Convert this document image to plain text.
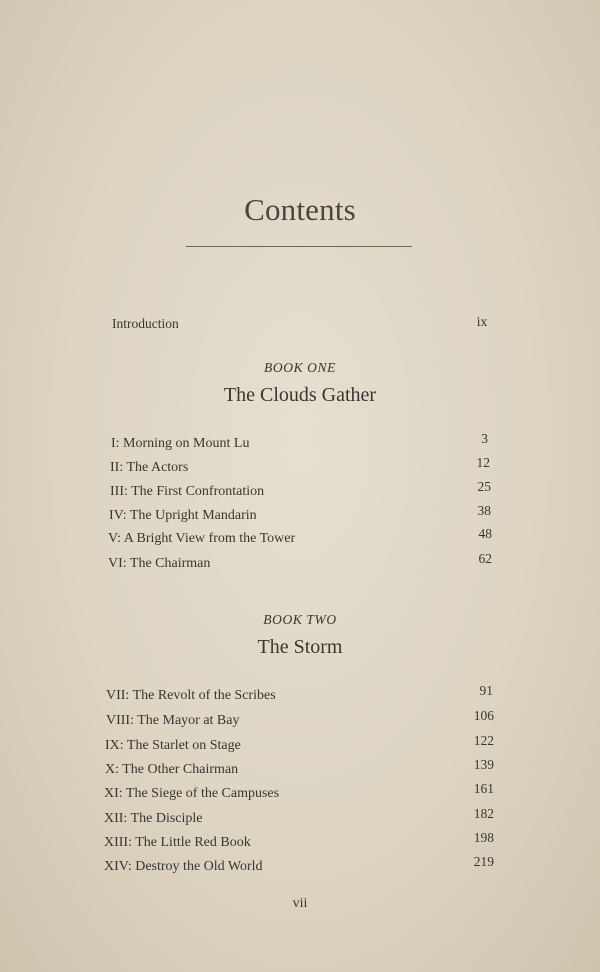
Contents
Introduction	ix
BOOK ONE
The Clouds Gather
I: Morning on Mount Lu	3
II: The Actors	12
III: The First Confrontation	25
IV: The Upright Mandarin	38
V: A Bright View from the Tower	48
VI: The Chairman	62
BOOK TWO
The Storm
VII: The Revolt of the Scribes	91
VIII: The Mayor at Bay	106
IX: The Starlet on Stage	122
X: The Other Chairman	139
XI: The Siege of the Campuses	161
XII: The Disciple	182
XIII: The Little Red Book	198
XIV: Destroy the Old World	219
vii
